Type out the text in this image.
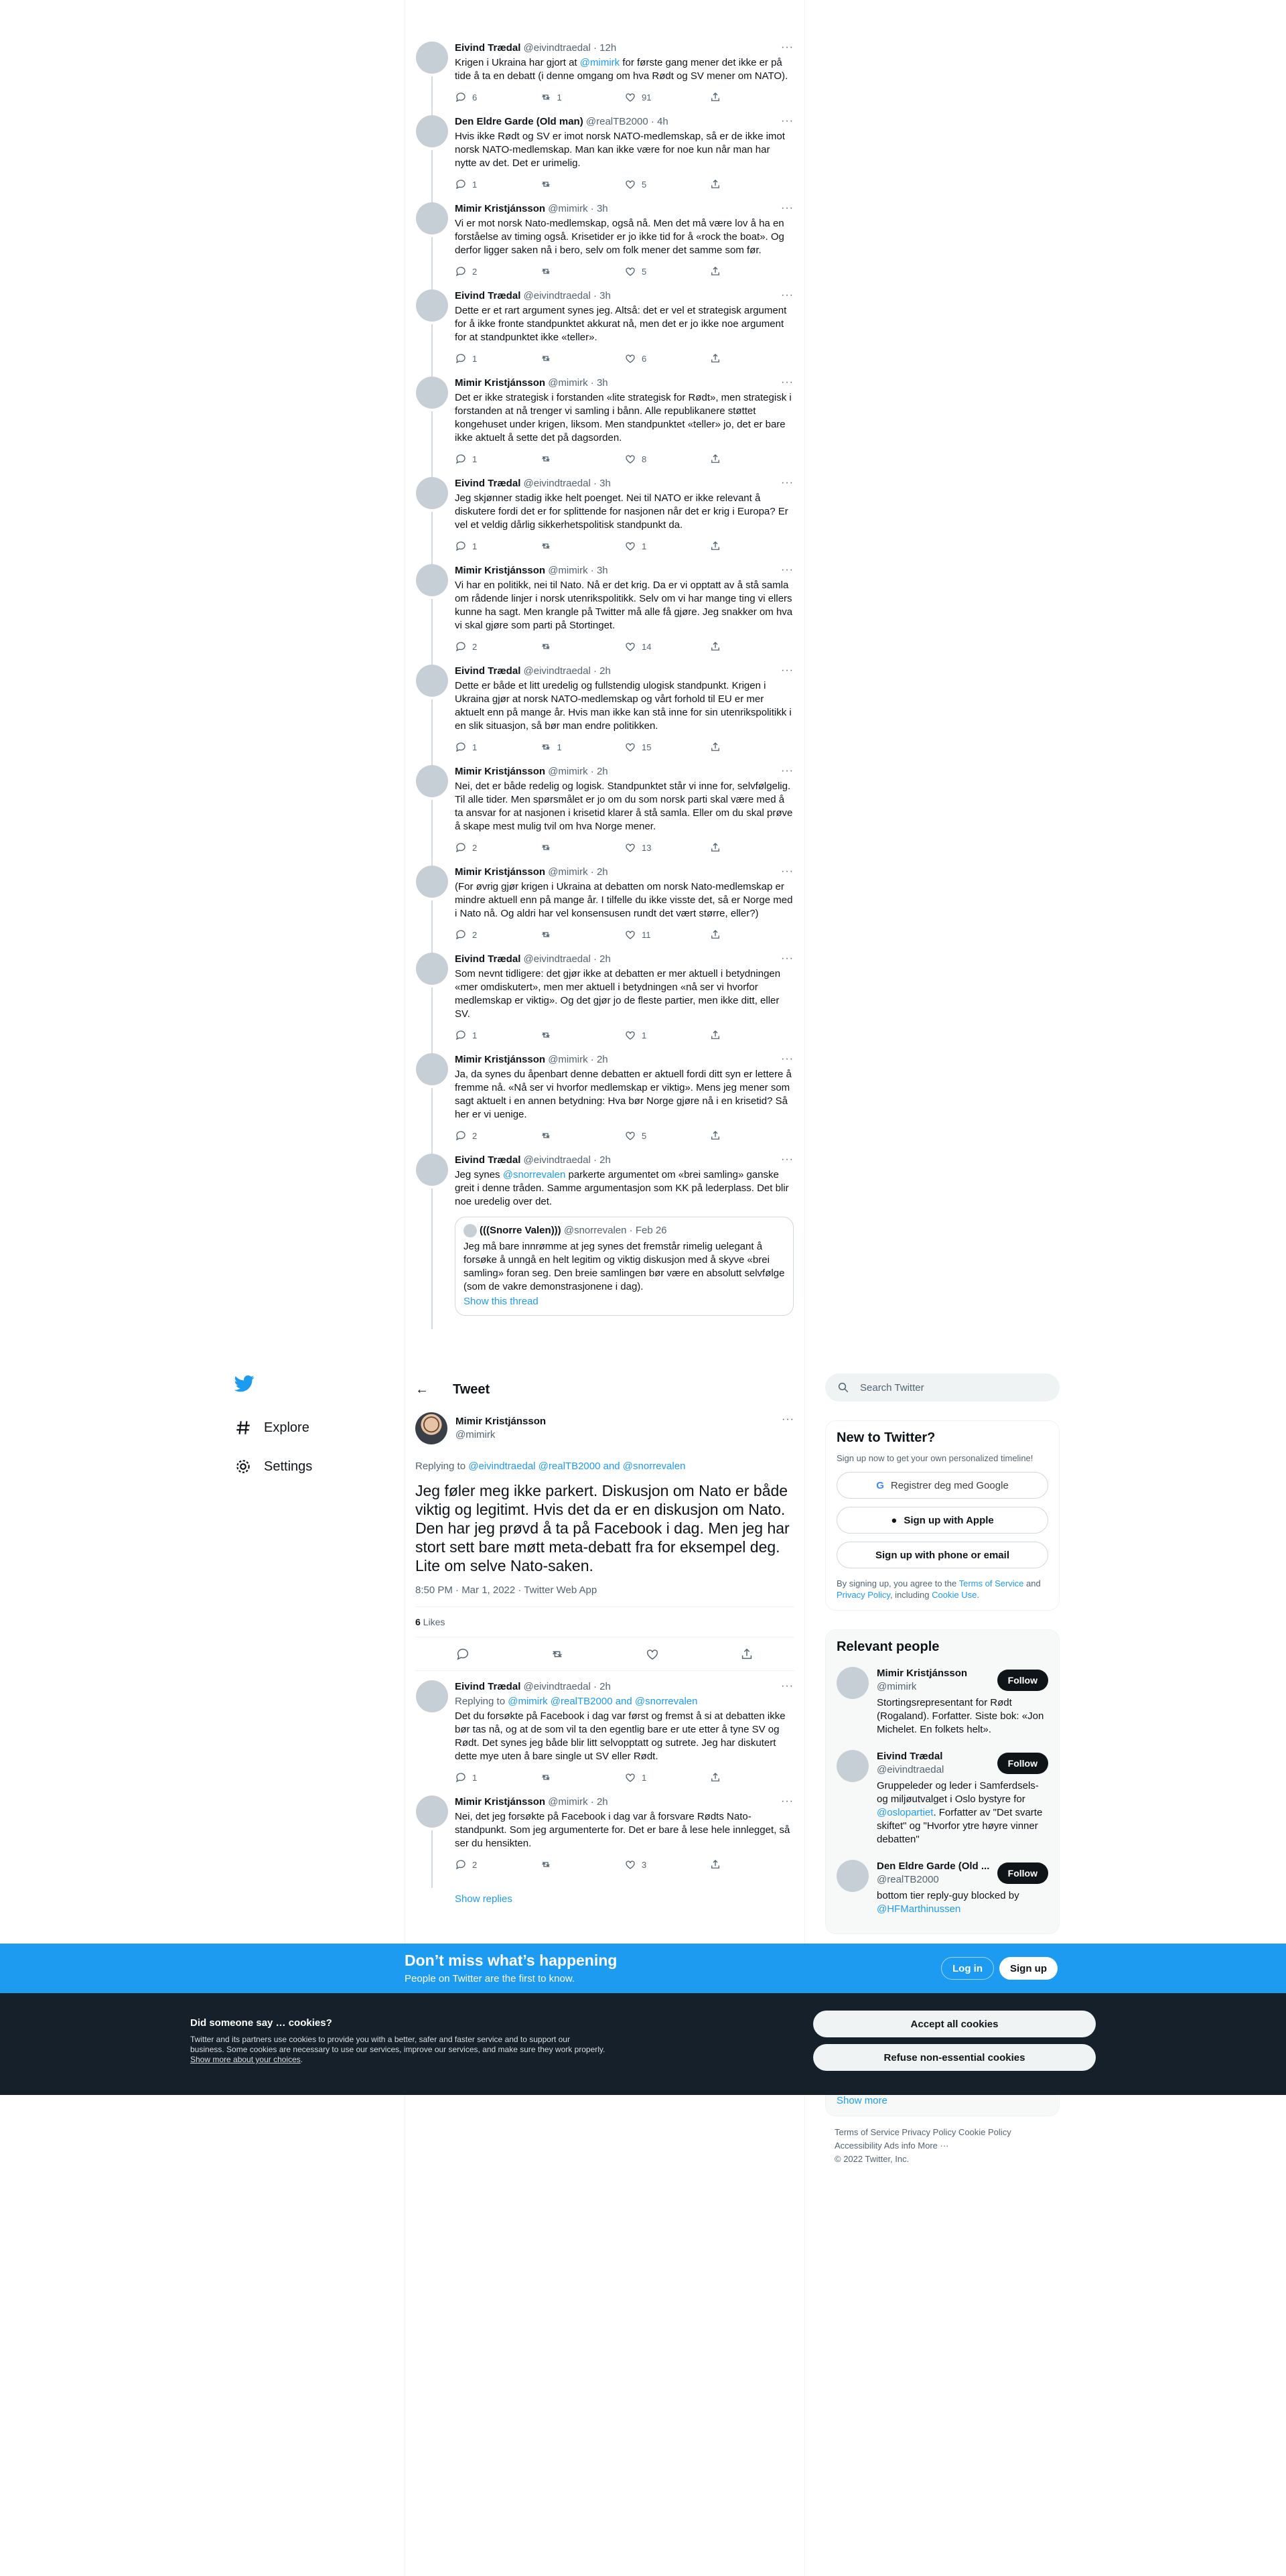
Eivind Trædal @eivindtraedal · 12h	···
Krigen i Ukraina har gjort at @mimirk for første gang mener det ikke er på tide å ta en debatt (i denne omgang om hva Rødt og SV mener om NATO).
6	1	91
Den Eldre Garde (Old man) @realTB2000 · 4h	···
Hvis ikke Rødt og SV er imot norsk NATO-medlemskap, så er de ikke imot norsk NATO-medlemskap. Man kan ikke være for noe kun når man har nytte av det. Det er urimelig.
1	5
Mimir Kristjánsson @mimirk · 3h	···
Vi er mot norsk Nato-medlemskap, også nå. Men det må være lov å ha en forståelse av timing også. Krisetider er jo ikke tid for å «rock the boat». Og derfor ligger saken nå i bero, selv om folk mener det samme som før.
2	5
Eivind Trædal @eivindtraedal · 3h	···
Dette er et rart argument synes jeg. Altså: det er vel et strategisk argument for å ikke fronte standpunktet akkurat nå, men det er jo ikke noe argument for at standpunktet ikke «teller».
1	6
Mimir Kristjánsson @mimirk · 3h	···
Det er ikke strategisk i forstanden «lite strategisk for Rødt», men strategisk i forstanden at nå trenger vi samling i bånn. Alle republikanere støttet kongehuset under krigen, liksom. Men standpunktet «teller» jo, det er bare ikke aktuelt å sette det på dagsorden.
1	8
Eivind Trædal @eivindtraedal · 3h	···
Jeg skjønner stadig ikke helt poenget. Nei til NATO er ikke relevant å diskutere fordi det er for splittende for nasjonen når det er krig i Europa? Er vel et veldig dårlig sikkerhetspolitisk standpunkt da.
1	1
Mimir Kristjánsson @mimirk · 3h	···
Vi har en politikk, nei til Nato. Nå er det krig. Da er vi opptatt av å stå samla om rådende linjer i norsk utenrikspolitikk. Selv om vi har mange ting vi ellers kunne ha sagt. Men krangle på Twitter må alle få gjøre. Jeg snakker om hva vi skal gjøre som parti på Stortinget.
2	14
Eivind Trædal @eivindtraedal · 2h	···
Dette er både et litt uredelig og fullstendig ulogisk standpunkt. Krigen i Ukraina gjør at norsk NATO-medlemskap og vårt forhold til EU er mer aktuelt enn på mange år. Hvis man ikke kan stå inne for sin utenrikspolitikk i en slik situasjon, så bør man endre politikken.
1	1	15
Mimir Kristjánsson @mimirk · 2h	···
Nei, det er både redelig og logisk. Standpunktet står vi inne for, selvfølgelig. Til alle tider. Men spørsmålet er jo om du som norsk parti skal være med å ta ansvar for at nasjonen i krisetid klarer å stå samla. Eller om du skal prøve å skape mest mulig tvil om hva Norge mener.
2	13
Mimir Kristjánsson @mimirk · 2h	···
(For øvrig gjør krigen i Ukraina at debatten om norsk Nato-medlemskap er mindre aktuell enn på mange år. I tilfelle du ikke visste det, så er Norge med i Nato nå. Og aldri har vel konsensusen rundt det vært større, eller?)
2	11
Eivind Trædal @eivindtraedal · 2h	···
Som nevnt tidligere: det gjør ikke at debatten er mer aktuell i betydningen «mer omdiskutert», men mer aktuell i betydningen «nå ser vi hvorfor medlemskap er viktig». Og det gjør jo de fleste partier, men ikke ditt, eller SV.
1	1
Mimir Kristjánsson @mimirk · 2h	···
Ja, da synes du åpenbart denne debatten er aktuell fordi ditt syn er lettere å fremme nå. «Nå ser vi hvorfor medlemskap er viktig». Mens jeg mener som sagt aktuelt i en annen betydning: Hva bør Norge gjøre nå i en krisetid? Så her er vi uenige.
2	5
Eivind Trædal @eivindtraedal · 2h	···
Jeg synes @snorrevalen parkerte argumentet om «brei samling» ganske greit i denne tråden. Samme argumentasjon som KK på lederplass. Det blir noe uredelig over det.
(((Snorre Valen))) @snorrevalen · Feb 26
Jeg må bare innrømme at jeg synes det fremstår rimelig uelegant å forsøke å unngå en helt legitim og viktig diskusjon med å skyve «brei samling» foran seg. Den breie samlingen bør være en absolutt selvfølge (som de vakre demonstrasjonene i dag).
Show this thread
Explore
Settings
← Tweet
Mimir Kristjánsson
@mimirk
···
Replying to @eivindtraedal @realTB2000 and @snorrevalen
Jeg føler meg ikke parkert. Diskusjon om Nato er både viktig og legitimt. Hvis det da er en diskusjon om Nato. Den har jeg prøvd å ta på Facebook i dag. Men jeg har stort sett bare møtt meta-debatt fra for eksempel deg. Lite om selve Nato-saken.
8:50 PM · Mar 1, 2022 · Twitter Web App
6 Likes
Eivind Trædal @eivindtraedal · 2h	···
Replying to @mimirk @realTB2000 and @snorrevalen
Det du forsøkte på Facebook i dag var først og fremst å si at debatten ikke bør tas nå, og at de som vil ta den egentlig bare er ute etter å tyne SV og Rødt. Det synes jeg både blir litt selvopptatt og sutrete. Jeg har diskutert dette mye uten å bare single ut SV eller Rødt.
1	1
Mimir Kristjánsson @mimirk · 2h	···
Nei, det jeg forsøkte på Facebook i dag var å forsvare Rødts Nato-standpunkt. Som jeg argumenterte for. Det er bare å lese hele innlegget, så ser du hensikten.
2	3
Show replies
Search Twitter
New to Twitter?
Sign up now to get your own personalized timeline!
G Registrer deg med Google
● Sign up with Apple
Sign up with phone or email
By signing up, you agree to the Terms of Service and Privacy Policy, including Cookie Use.
Relevant people
Mimir Kristjánsson
@mimirk
Stortingsrepresentant for Rødt (Rogaland). Forfatter. Siste bok: «Jon Michelet. En folkets helt».
Follow
Eivind Trædal
@eivindtraedal
Gruppeleder og leder i Samferdsels- og miljøutvalget i Oslo bystyre for @oslopartiet. Forfatter av "Det svarte skiftet" og "Hvorfor ytre høyre vinner debatten"
Follow
Den Eldre Garde (Old ...
@realTB2000
bottom tier reply-guy blocked by @HFMarthinussen
Follow
Show more
Terms of Service Privacy Policy Cookie Policy
Accessibility Ads info More ···
© 2022 Twitter, Inc.
Don’t miss what’s happening
People on Twitter are the first to know.
Log in	Sign up
Did someone say … cookies?
Twitter and its partners use cookies to provide you with a better, safer and faster service and to support our business. Some cookies are necessary to use our services, improve our services, and make sure they work properly. Show more about your choices.
Accept all cookies
Refuse non-essential cookies
